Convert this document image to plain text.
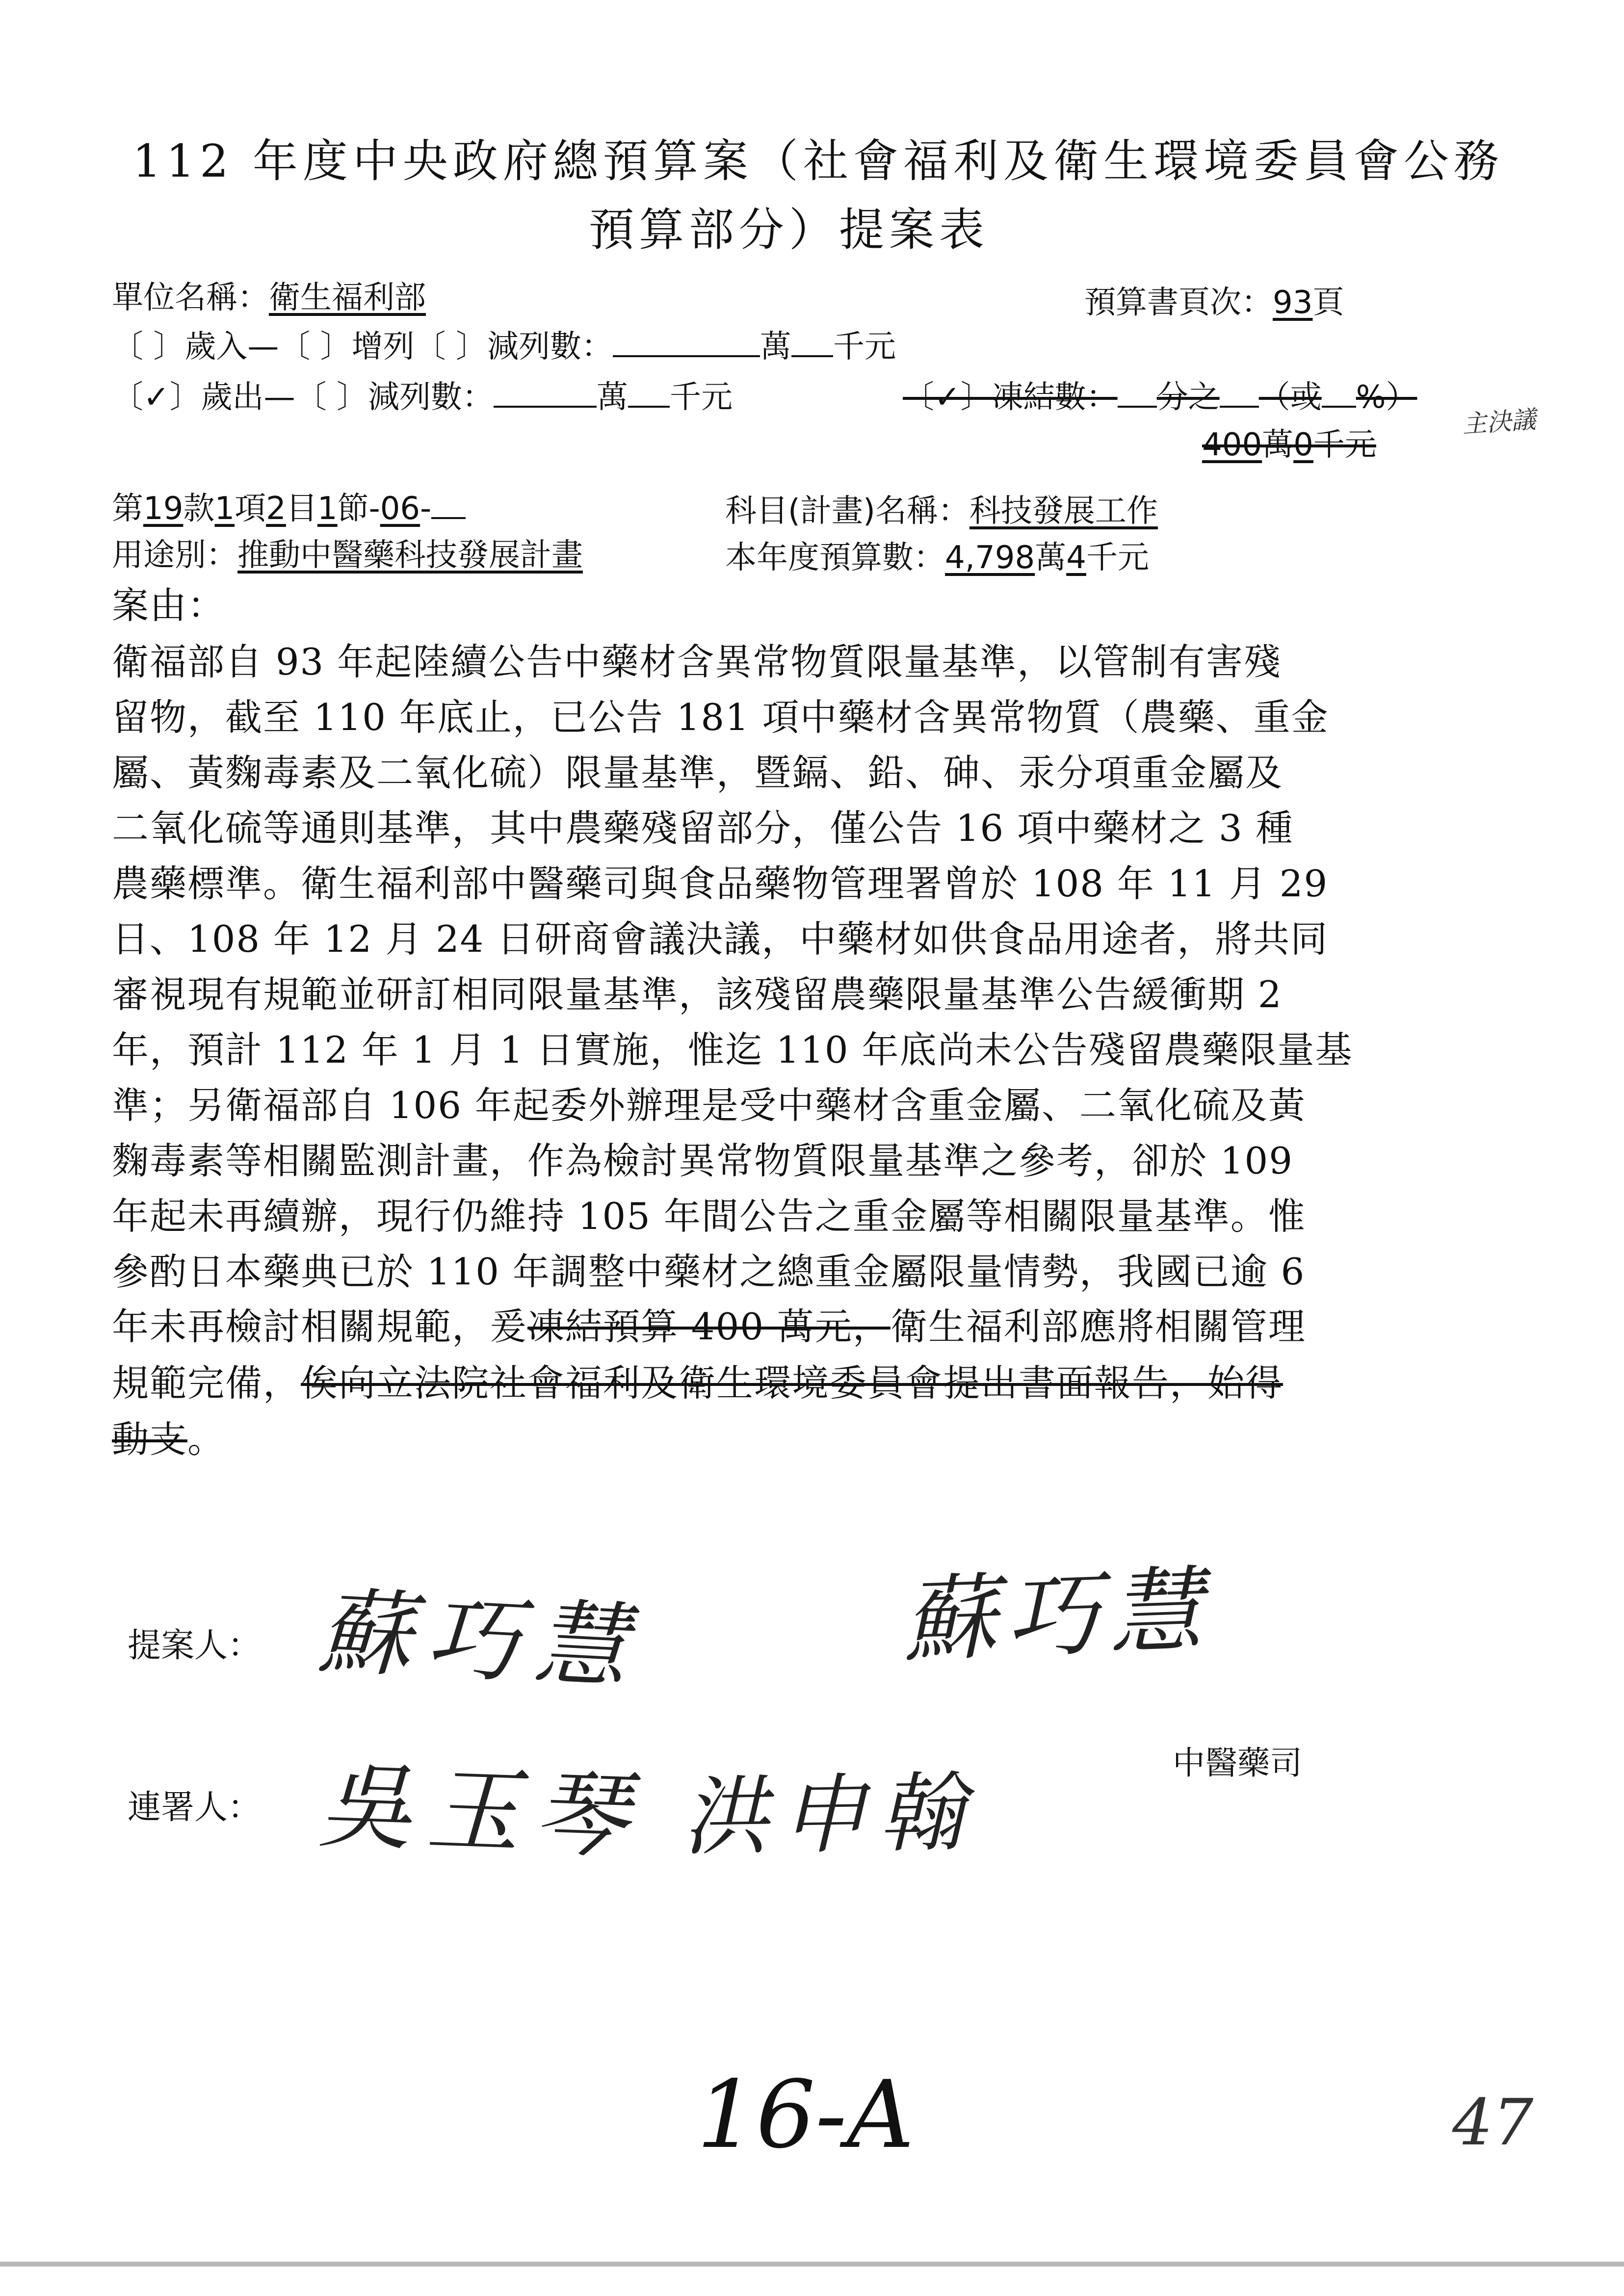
112 年度中央政府總預算案（社會福利及衛生環境委員會公務
預算部分）提案表
單位名稱：衛生福利部	預算書頁次：93頁
〔 〕歲入—〔 〕增列〔 〕減列數：	萬 千元
〔✓〕歲出—〔 〕減列數：	萬 千元	〔✓〕凍結數： 分之 （或 %）
400萬0千元
主決議
第19款1項2目1節-06-	科目(計畫)名稱：科技發展工作
用途別：推動中醫藥科技發展計畫	本年度預算數：4,798萬4千元
案由：
衛福部自 93 年起陸續公告中藥材含異常物質限量基準，以管制有害殘
留物，截至 110 年底止，已公告 181 項中藥材含異常物質（農藥、重金
屬、黃麴毒素及二氧化硫）限量基準，暨鎘、鉛、砷、汞分項重金屬及
二氧化硫等通則基準，其中農藥殘留部分，僅公告 16 項中藥材之 3 種
農藥標準。衛生福利部中醫藥司與食品藥物管理署曾於 108 年 11 月 29
日、108 年 12 月 24 日研商會議決議，中藥材如供食品用途者，將共同
審視現有規範並研訂相同限量基準，該殘留農藥限量基準公告緩衝期 2
年，預計 112 年 1 月 1 日實施，惟迄 110 年底尚未公告殘留農藥限量基
準；另衛福部自 106 年起委外辦理是受中藥材含重金屬、二氧化硫及黃
麴毒素等相關監測計畫，作為檢討異常物質限量基準之參考，卻於 109
年起未再續辦，現行仍維持 105 年間公告之重金屬等相關限量基準。惟
參酌日本藥典已於 110 年調整中藥材之總重金屬限量情勢，我國已逾 6
年未再檢討相關規範，爰凍結預算 400 萬元，衛生福利部應將相關管理
規範完備，俟向立法院社會福利及衛生環境委員會提出書面報告，始得
動支。
提案人： 蘇巧慧	蘇巧慧
中醫藥司
連署人： 吳玉琴 洪申翰
16-A	47
